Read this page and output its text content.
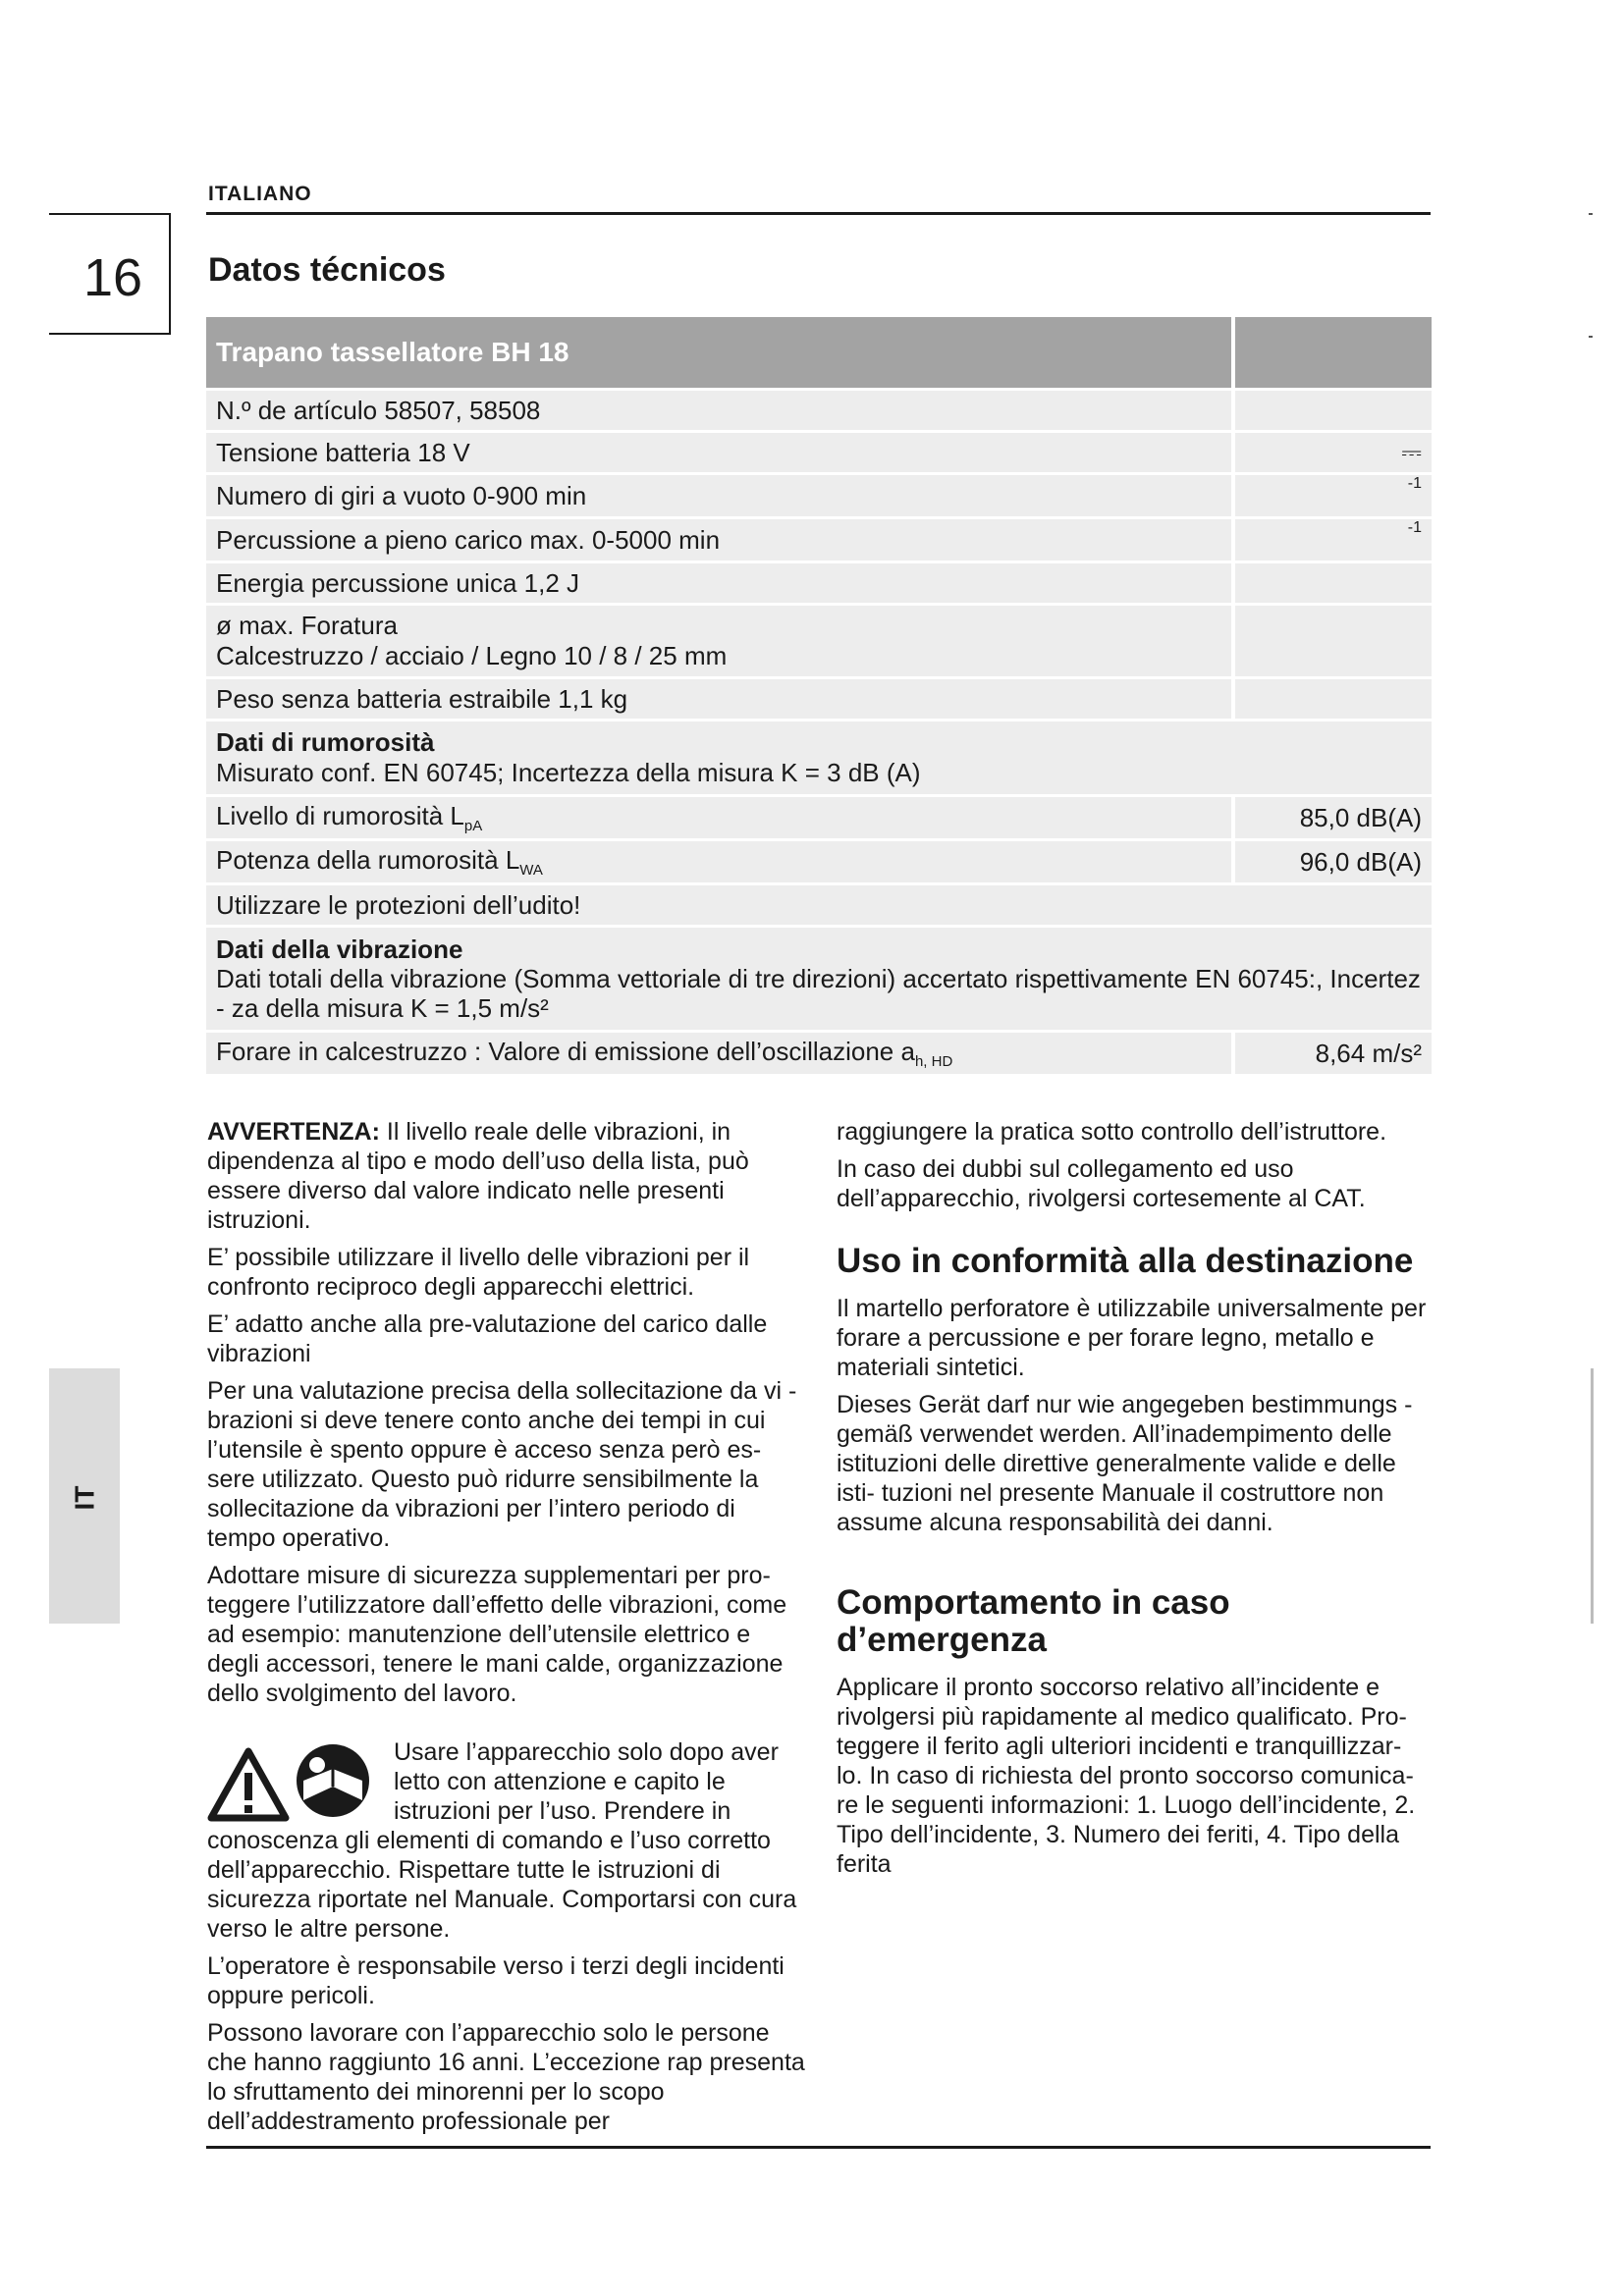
ITALIANO
16	Datos técnicos
Trapano tassellatore BH 18	
N.º de artículo 58507, 58508	
Tensione batteria 18 V	⎓
Numero di giri a vuoto 0-900 min	-1
Percussione a pieno carico max. 0-5000 min	-1
Energia percussione unica 1,2 J	

ø max. Foratura
Calcestruzzo / acciaio / Legno 10 / 8 / 25 mm	

Peso senza batteria estraibile 1,1 kg	

Dati di rumorosità
Misurato conf. EN 60745; Incertezza della misura K = 3 dB (A)	

Livello di rumorosità $L_{pA}$	85,0 dB(A)
Potenza della rumorosità $L_{WA}$	96,0 dB(A)
Utilizzare le protezioni dell’udito!	

Dati della vibrazione
Dati totali della vibrazione (Somma vettoriale di tre direzioni) accertato rispettivamente EN 60745:, Incertez - za della misura K = 1,5 m/s²	

Forare in calcestruzzo : Valore di emissione dell’oscillazione $a_{h, HD}$	8,64 m/s²

AVVERTENZA: Il livello reale delle vibrazioni, in dipendenza al tipo e modo dell’uso della lista, può essere diverso dal valore indicato nelle presenti istruzioni.

E’ possibile utilizzare il livello delle vibrazioni per il confronto reciproco degli apparecchi elettrici.

E’ adatto anche alla pre-valutazione del carico dalle vibrazioni

Per una valutazione precisa della sollecitazione da vi - brazioni si deve tenere conto anche dei tempi in cui l’utensile è spento oppure è acceso senza però es- sere utilizzato. Questo può ridurre sensibilmente la sollecitazione da vibrazioni per l’intero periodo di tempo operativo.

Adottare misure di sicurezza supplementari per pro- teggere l’utilizzatore dall’effetto delle vibrazioni, come ad esempio: manutenzione dell’utensile elettrico e degli accessori, tenere le mani calde, organizzazione dello svolgimento del lavoro.

Usare l’apparecchio solo dopo aver letto con attenzione e capito le istruzioni per l’uso. Prendere in conoscenza gli elementi di comando e l’uso corretto dell’apparecchio. Rispettare tutte le istruzioni di sicurezza riportate nel Manuale. Comportarsi con cura verso le altre persone.

L’operatore è responsabile verso i terzi degli incidenti oppure pericoli.

Possono lavorare con l’apparecchio solo le persone che hanno raggiunto 16 anni. L’eccezione rap presenta lo sfruttamento dei minorenni per lo scopo dell’addestramento professionale per

raggiungere la pratica sotto controllo dell’istruttore.

In caso dei dubbi sul collegamento ed uso dell’apparecchio, rivolgersi cortesemente al CAT.

Uso in conformità alla destinazione

Il martello perforatore è utilizzabile universalmente per forare a percussione e per forare legno, metallo e materiali sintetici.

Dieses Gerät darf nur wie angegeben bestimmungs - gemäß verwendet werden. All’inadempimento delle istituzioni delle direttive generalmente valide e delle isti- tuzioni nel presente Manuale il costruttore non assume alcuna responsabilità dei danni.

Comportamento in caso d’emergenza

Applicare il pronto soccorso relativo all’incidente e rivolgersi più rapidamente al medico qualificato. Pro- teggere il ferito agli ulteriori incidenti e tranquillizzar- lo. In caso di richiesta del pronto soccorso comunica- re le seguenti informazioni: 1. Luogo dell’incidente, 2. Tipo dell’incidente, 3. Numero dei feriti, 4. Tipo della ferita

IT
